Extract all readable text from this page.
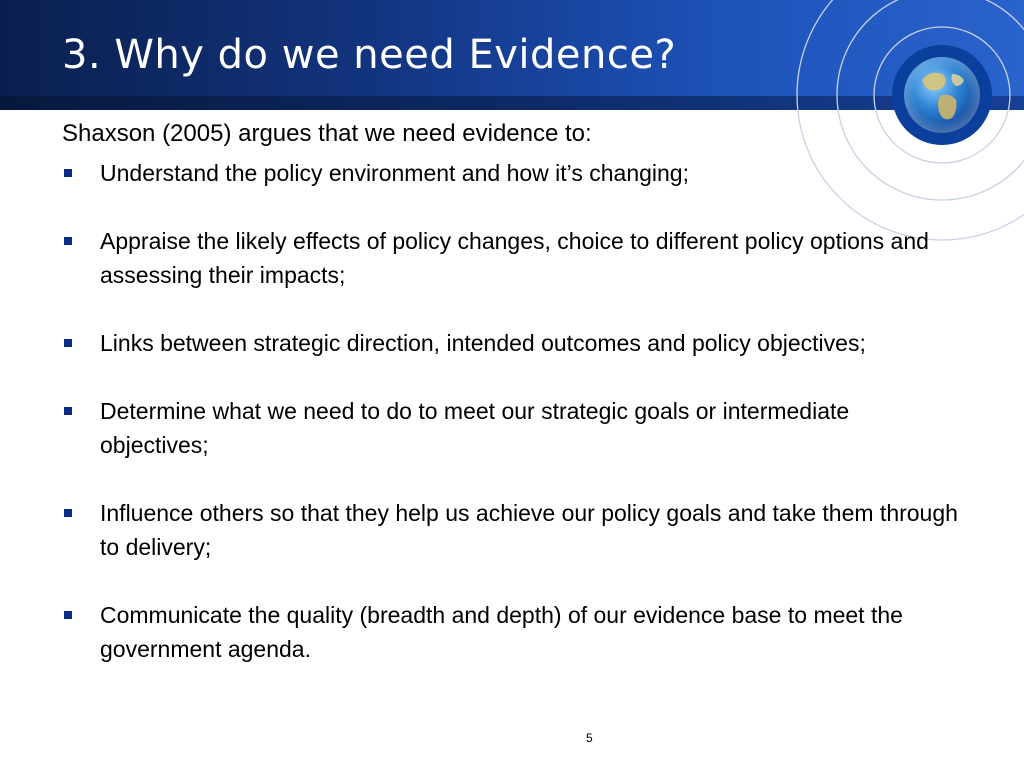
3. Why do we need Evidence?
Shaxson (2005) argues that we need evidence to:
Understand the policy environment and how it’s changing;
Appraise the likely effects of policy changes, choice to different policy options and assessing their impacts;
Links between strategic direction, intended outcomes and policy objectives;
Determine what we need to do to meet our strategic goals or intermediate objectives;
Influence others so that they help us achieve our policy goals and take them through to delivery;
Communicate the quality (breadth and depth) of our evidence base to meet the government agenda.
5
